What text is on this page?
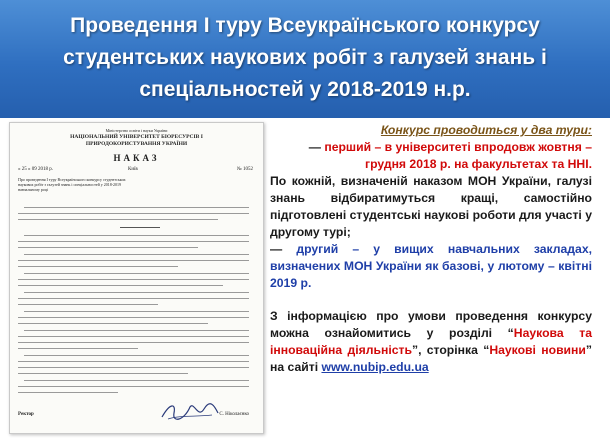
Проведення І туру Всеукраїнського конкурсу
студентських наукових робіт з галузей знань і
спеціальностей у 2018-2019 н.р.
Міністерство освіти і науки України
НАЦІОНАЛЬНИЙ УНІВЕРСИТЕТ БІОРЕСУРСІВ І
ПРИРОДОКОРИСТУВАННЯ УКРАЇНИ
НАКАЗ
« 25 » 09 2018 р.	Київ	№ 1052
Про проведення І туру Всеукраїнського конкурсу студентських наукових робіт з галузей знань і спеціальностей у 2018-2019 навчальному році
Ректор	С. Ніколаєнко
Конкурс проводиться у два тури:
— перший – в університеті впродовж жовтня – грудня 2018 р. на факультетах та ННІ.
По кожній, визначеній наказом МОН України, галузі знань відбиратимуться кращі, самостійно підготовлені студентські наукові роботи для участі у другому турі;
— другий – у вищих навчальних закладах, визначених МОН України як базові, у лютому – квітні 2019 р.
З інформацією про умови проведення конкурсу можна ознайомитись у розділі “Наукова та інноваційна діяльність”, сторінка “Наукові новини” на сайті www.nubip.edu.ua
